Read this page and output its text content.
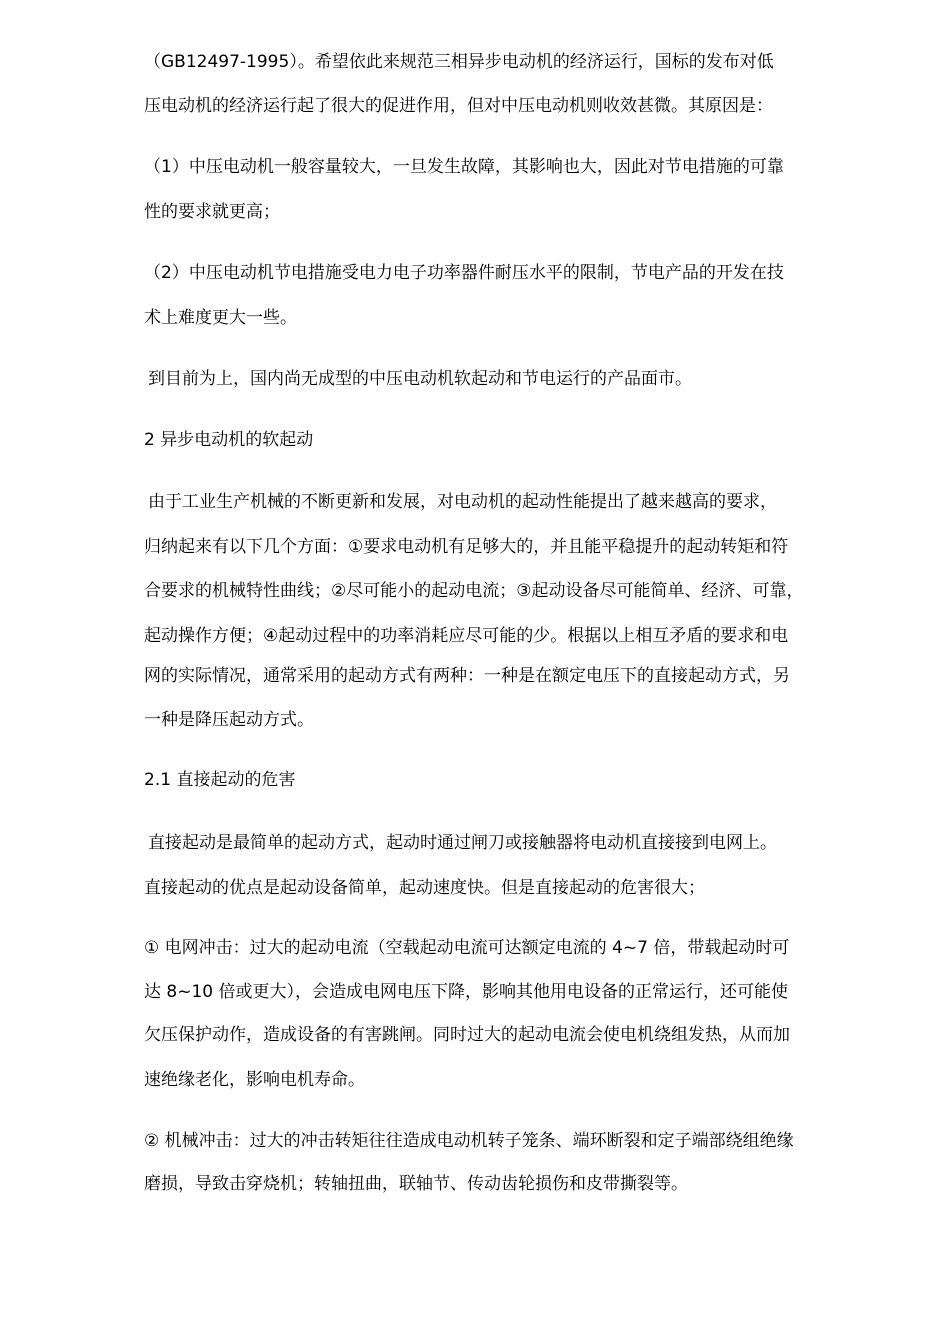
（GB12497-1995）。希望依此来规范三相异步电动机的经济运行，国标的发布对低
压电动机的经济运行起了很大的促进作用，但对中压电动机则收效甚微。其原因是：
（1）中压电动机一般容量较大，一旦发生故障，其影响也大，因此对节电措施的可靠
性的要求就更高；
（2）中压电动机节电措施受电力电子功率器件耐压水平的限制，节电产品的开发在技
术上难度更大一些。
到目前为上，国内尚无成型的中压电动机软起动和节电运行的产品面市。
2 异步电动机的软起动
由于工业生产机械的不断更新和发展，对电动机的起动性能提出了越来越高的要求，
归纳起来有以下几个方面：①要求电动机有足够大的，并且能平稳提升的起动转矩和符
合要求的机械特性曲线；②尽可能小的起动电流；③起动设备尽可能简单、经济、可靠，
起动操作方便；④起动过程中的功率消耗应尽可能的少。根据以上相互矛盾的要求和电
网的实际情况，通常采用的起动方式有两种：一种是在额定电压下的直接起动方式，另
一种是降压起动方式。
2.1 直接起动的危害
直接起动是最简单的起动方式，起动时通过闸刀或接触器将电动机直接接到电网上。
直接起动的优点是起动设备简单，起动速度快。但是直接起动的危害很大；
① 电网冲击：过大的起动电流（空载起动电流可达额定电流的 4~7 倍，带载起动时可
达 8~10 倍或更大），会造成电网电压下降，影响其他用电设备的正常运行，还可能使
欠压保护动作，造成设备的有害跳闸。同时过大的起动电流会使电机绕组发热，从而加
速绝缘老化，影响电机寿命。
② 机械冲击：过大的冲击转矩往往造成电动机转子笼条、端环断裂和定子端部绕组绝缘
磨损，导致击穿烧机；转轴扭曲，联轴节、传动齿轮损伤和皮带撕裂等。
